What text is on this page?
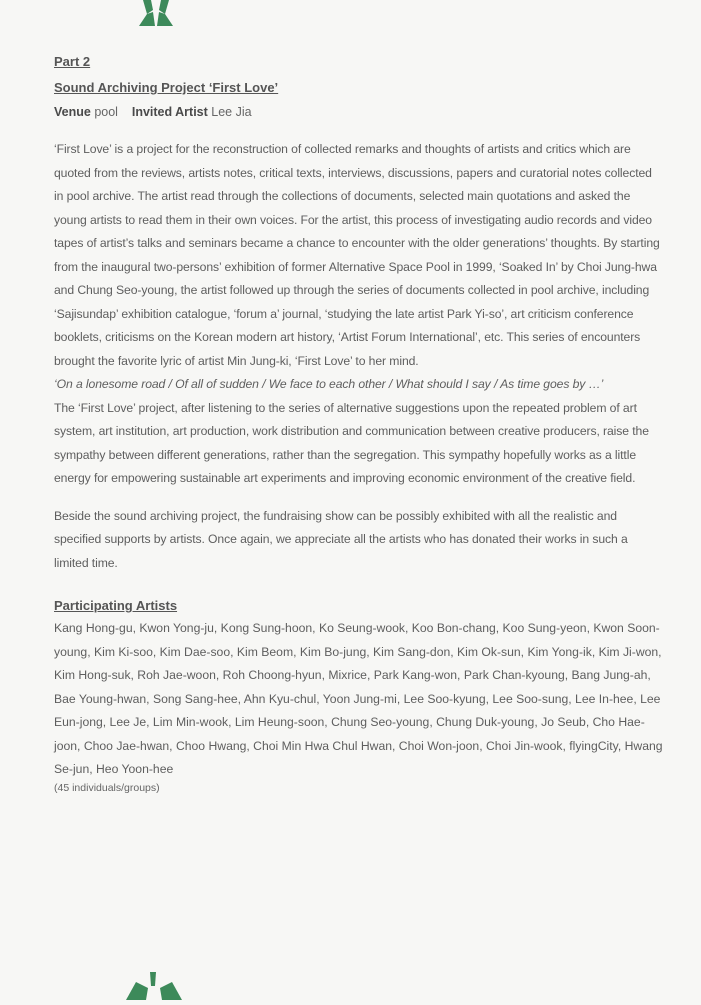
Part 2
Sound Archiving Project ‘First Love’
Venue pool Invited Artist Lee Jia

‘First Love’ is a project for the reconstruction of collected remarks and thoughts of artists and critics which are quoted from the reviews, artists notes, critical texts, interviews, discussions, papers and curatorial notes collected in pool archive. The artist read through the collections of documents, selected main quotations and asked the young artists to read them in their own voices. For the artist, this process of investigating audio records and video tapes of artist’s talks and seminars became a chance to encounter with the older generations’ thoughts. By starting from the inaugural two-persons’ exhibition of former Alternative Space Pool in 1999, ‘Soaked In’ by Choi Jung-hwa and Chung Seo-young, the artist followed up through the series of documents collected in pool archive, including ‘Sajisundap’ exhibition catalogue, ‘forum a’ journal, ‘studying the late artist Park Yi-so’, art criticism conference booklets, criticisms on the Korean modern art history, ‘Artist Forum International’, etc. This series of encounters brought the favorite lyric of artist Min Jung-ki, ‘First Love’ to her mind.

‘On a lonesome road / Of all of sudden / We face to each other / What should I say / As time goes by …’

The ‘First Love’ project, after listening to the series of alternative suggestions upon the repeated problem of art system, art institution, art production, work distribution and communication between creative producers, raise the sympathy between different generations, rather than the segregation. This sympathy hopefully works as a little energy for empowering sustainable art experiments and improving economic environment of the creative field.

Beside the sound archiving project, the fundraising show can be possibly exhibited with all the realistic and specified supports by artists. Once again, we appreciate all the artists who has donated their works in such a limited time.

Participating Artists

Kang Hong-gu, Kwon Yong-ju, Kong Sung-hoon, Ko Seung-wook, Koo Bon-chang, Koo Sung-yeon, Kwon Soon-young, Kim Ki-soo, Kim Dae-soo, Kim Beom, Kim Bo-jung, Kim Sang-don, Kim Ok-sun, Kim Yong-ik, Kim Ji-won, Kim Hong-suk, Roh Jae-woon, Roh Choong-hyun, Mixrice, Park Kang-won, Park Chan-kyoung, Bang Jung-ah, Bae Young-hwan, Song Sang-hee, Ahn Kyu-chul, Yoon Jung-mi, Lee Soo-kyung, Lee Soo-sung, Lee In-hee, Lee Eun-jong, Lee Je, Lim Min-wook, Lim Heung-soon, Chung Seo-young, Chung Duk-young, Jo Seub, Cho Hae-joon, Choo Jae-hwan, Choo Hwang, Choi Min Hwa Chul Hwan, Choi Won-joon, Choi Jin-wook, flyingCity, Hwang Se-jun, Heo Yoon-hee

(45 individuals/groups)
